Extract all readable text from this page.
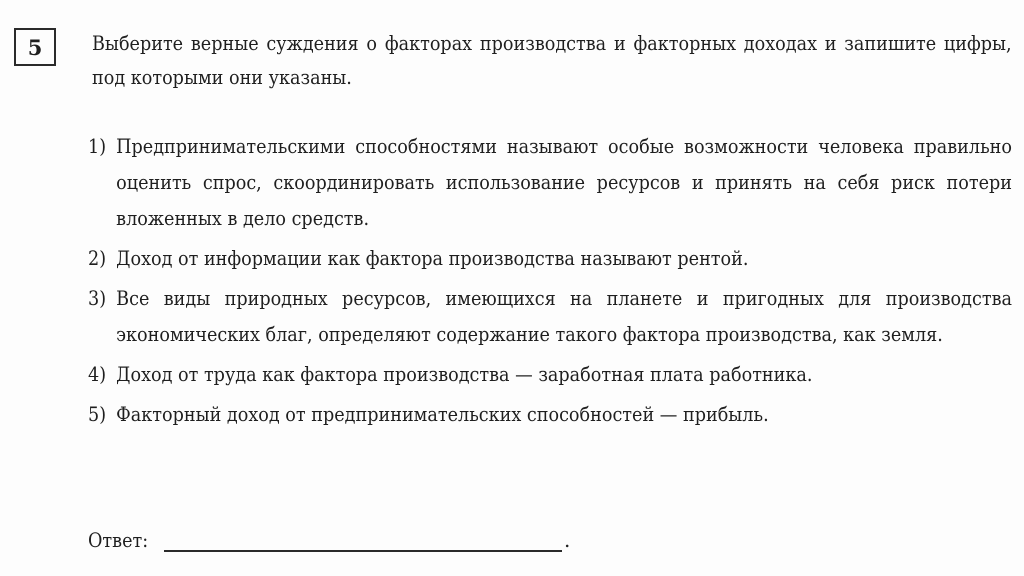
5	Выберите верные суждения о факторах производства и факторных доходах и запишите цифры, под которыми они указаны.
1) Предпринимательскими способностями называют особые возможности человека правильно оценить спрос, скоординировать использование ресурсов и принять на себя риск потери вложенных в дело средств.
2) Доход от информации как фактора производства называют рентой.
3) Все виды природных ресурсов, имеющихся на планете и пригодных для производства экономических благ, определяют содержание такого фактора производства, как земля.
4) Доход от труда как фактора производства — заработная плата работника.
5) Факторный доход от предпринимательских способностей — прибыль.
Ответ:	.
